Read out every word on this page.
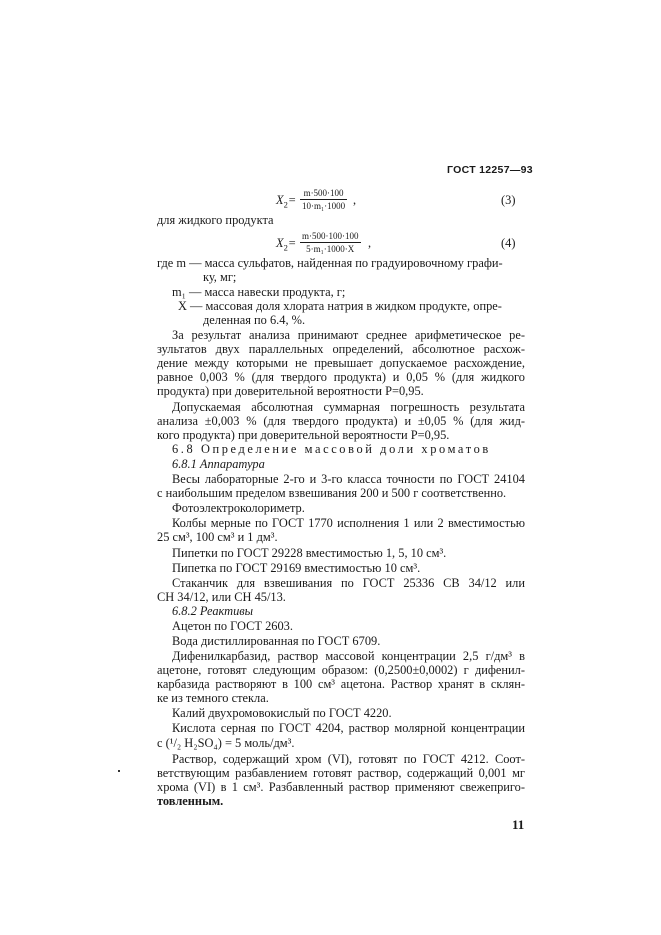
ГОСТ 12257—93
$X_2= \frac{m\cdot 500\cdot 100}{\text{10·m₁·1000}}$ ,	(3)
для жидкого продукта
$X_2= \frac{m\cdot 500\cdot 100\cdot 100}{\text{5·m₁·1000·X}}$ ,	(4)
где m — масса сульфатов, найденная по градуировочному графи-
ку, мг;
m₁ — масса навески продукта, г;
X — массовая доля хлората натрия в жидком продукте, опре-
деленная по 6.4, %.
За результат анализа принимают среднее арифметическое ре-
зультатов двух параллельных определений, абсолютное расхож-
дение между которыми не превышает допускаемое расхождение,
равное 0,003 % (для твердого продукта) и 0,05 % (для жидкого
продукта) при доверительной вероятности P=0,95.
Допускаемая абсолютная суммарная погрешность результата
анализа ±0,003 % (для твердого продукта) и ±0,05 % (для жид-
кого продукта) при доверительной вероятности P=0,95.
6.8 Определение массовой доли хроматов
6.8.1 Аппаратура
Весы лабораторные 2-го и 3-го класса точности по ГОСТ 24104
с наибольшим пределом взвешивания 200 и 500 г соответственно.
Фотоэлектроколориметр.
Колбы мерные по ГОСТ 1770 исполнения 1 или 2 вместимостью
25 см³, 100 см³ и 1 дм³.
Пипетки по ГОСТ 29228 вместимостью 1, 5, 10 см³.
Пипетка по ГОСТ 29169 вместимостью 10 см³.
Стаканчик для взвешивания по ГОСТ 25336 СВ 34/12 или
СН 34/12, или СН 45/13.
6.8.2 Реактивы
Ацетон по ГОСТ 2603.
Вода дистиллированная по ГОСТ 6709.
Дифенилкарбазид, раствор массовой концентрации 2,5 г/дм³ в
ацетоне, готовят следующим образом: (0,2500±0,0002) г дифенил-
карбазида растворяют в 100 см³ ацетона. Раствор хранят в склян-
ке из темного стекла.
Калий двухромовокислый по ГОСТ 4220.
Кислота серная по ГОСТ 4204, раствор молярной концентрации
с (¹/₂ H₂SO₄) = 5 моль/дм³.
Раствор, содержащий хром (VI), готовят по ГОСТ 4212. Соот-
ветствующим разбавлением готовят раствор, содержащий 0,001 мг
хрома (VI) в 1 см³. Разбавленный раствор применяют свежеприго-
товленным.
11
